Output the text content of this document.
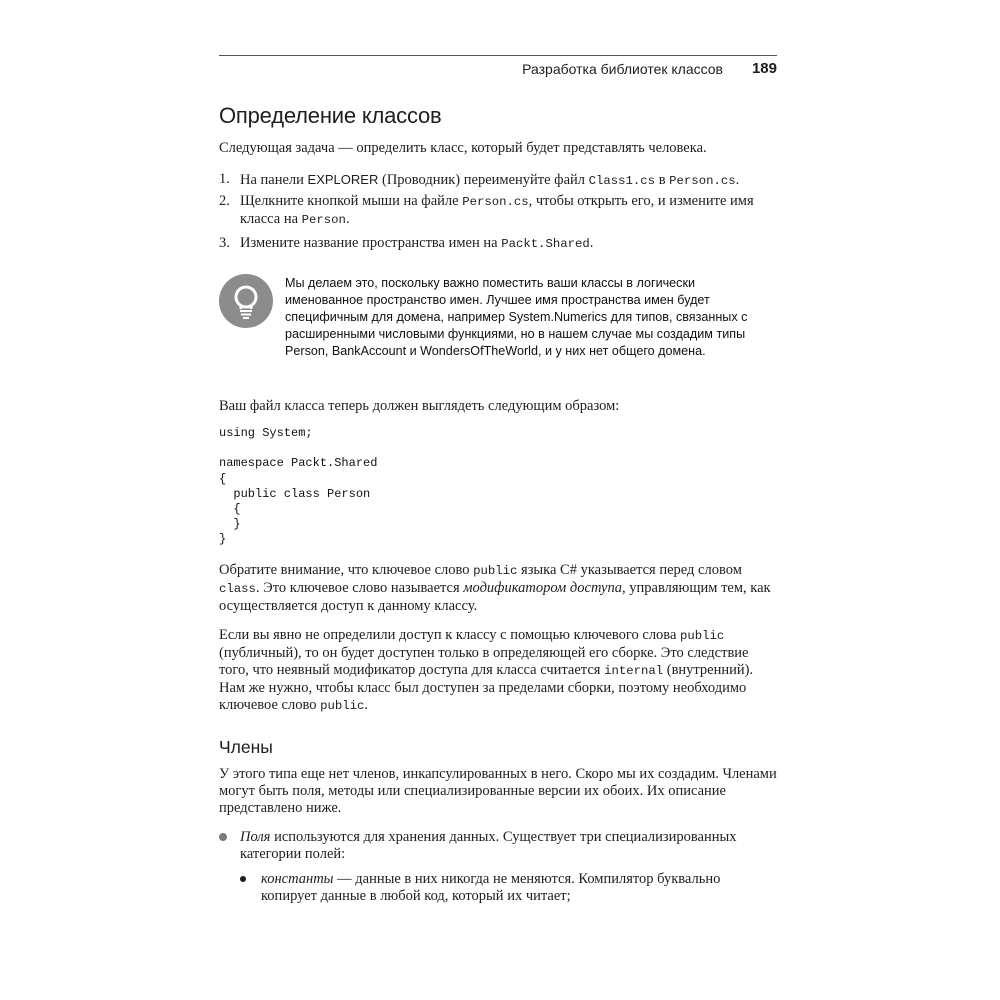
Разработка библиотек классов 189
Определение классов

Следующая задача — определить класс, который будет представлять человека.

1. На панели EXPLORER (Проводник) переименуйте файл Class1.cs в Person.cs.
2. Щелкните кнопкой мыши на файле Person.cs, чтобы открыть его, и измените имя класса на Person.
3. Измените название пространства имен на Packt.Shared.
Мы делаем это, поскольку важно поместить ваши классы в логически именованное пространство имен. Лучшее имя пространства имен будет специфичным для домена, например System.Numerics для типов, связанных с расширенными числовыми функциями, но в нашем случае мы создадим типы Person, BankAccount и WondersOfTheWorld, и у них нет общего домена.

Ваш файл класса теперь должен выглядеть следующим образом:

using System;

namespace Packt.Shared
{
public class Person
{
}
}

Обратите внимание, что ключевое слово public языка C# указывается перед словом class. Это ключевое слово называется модификатором доступа, управляющим тем, как осуществляется доступ к данному классу.

Если вы явно не определили доступ к классу с помощью ключевого слова public (публичный), то он будет доступен только в определяющей его сборке. Это следствие того, что неявный модификатор доступа для класса считается internal (внутренний). Нам же нужно, чтобы класс был доступен за пределами сборки, поэтому необходимо ключевое слово public.

Члены

У этого типа еще нет членов, инкапсулированных в него. Скоро мы их создадим. Членами могут быть поля, методы или специализированные версии их обоих. Их описание представлено ниже.

Поля используются для хранения данных. Существует три специализированных категории полей:

константы — данные в них никогда не меняются. Компилятор буквально копирует данные в любой код, который их читает;
